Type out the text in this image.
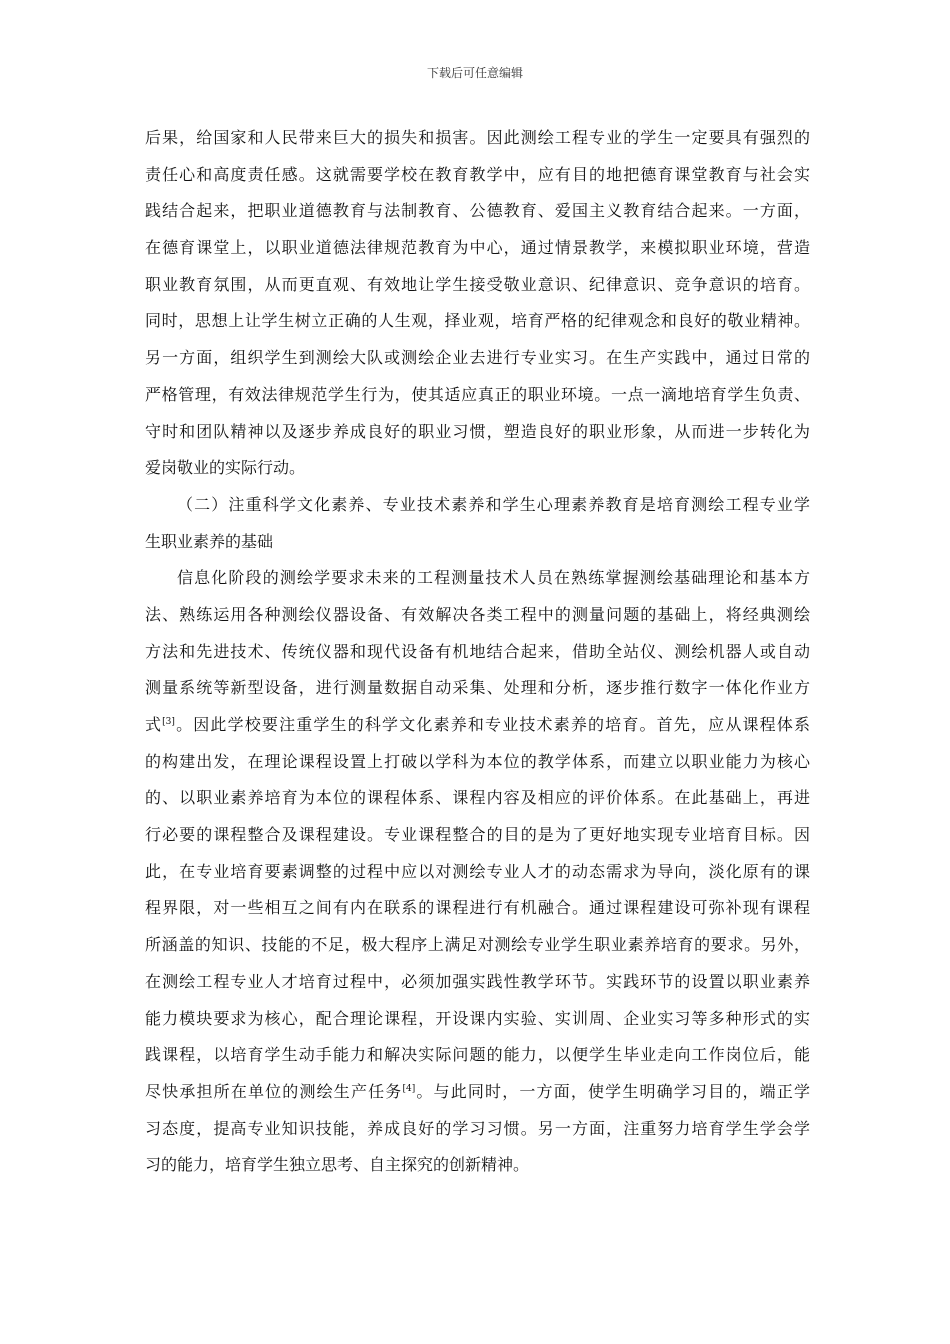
下载后可任意编辑
后果，给国家和人民带来巨大的损失和损害。因此测绘工程专业的学生一定要具有强烈的
责任心和高度责任感。这就需要学校在教育教学中，应有目的地把德育课堂教育与社会实
践结合起来，把职业道德教育与法制教育、公德教育、爱国主义教育结合起来。一方面，
在德育课堂上，以职业道德法律规范教育为中心，通过情景教学，来模拟职业环境，营造
职业教育氛围，从而更直观、有效地让学生接受敬业意识、纪律意识、竞争意识的培育。
同时，思想上让学生树立正确的人生观，择业观，培育严格的纪律观念和良好的敬业精神。
另一方面，组织学生到测绘大队或测绘企业去进行专业实习。在生产实践中，通过日常的
严格管理，有效法律规范学生行为，使其适应真正的职业环境。一点一滴地培育学生负责、
守时和团队精神以及逐步养成良好的职业习惯，塑造良好的职业形象，从而进一步转化为
爱岗敬业的实际行动。
（二）注重科学文化素养、专业技术素养和学生心理素养教育是培育测绘工程专业学
生职业素养的基础
信息化阶段的测绘学要求未来的工程测量技术人员在熟练掌握测绘基础理论和基本方
法、熟练运用各种测绘仪器设备、有效解决各类工程中的测量问题的基础上，将经典测绘
方法和先进技术、传统仪器和现代设备有机地结合起来，借助全站仪、测绘机器人或自动
测量系统等新型设备，进行测量数据自动采集、处理和分析，逐步推行数字一体化作业方
式[3]。因此学校要注重学生的科学文化素养和专业技术素养的培育。首先，应从课程体系
的构建出发，在理论课程设置上打破以学科为本位的教学体系，而建立以职业能力为核心
的、以职业素养培育为本位的课程体系、课程内容及相应的评价体系。在此基础上，再进
行必要的课程整合及课程建设。专业课程整合的目的是为了更好地实现专业培育目标。因
此，在专业培育要素调整的过程中应以对测绘专业人才的动态需求为导向，淡化原有的课
程界限，对一些相互之间有内在联系的课程进行有机融合。通过课程建设可弥补现有课程
所涵盖的知识、技能的不足，极大程序上满足对测绘专业学生职业素养培育的要求。另外，
在测绘工程专业人才培育过程中，必须加强实践性教学环节。实践环节的设置以职业素养
能力模块要求为核心，配合理论课程，开设课内实验、实训周、企业实习等多种形式的实
践课程，以培育学生动手能力和解决实际问题的能力，以便学生毕业走向工作岗位后，能
尽快承担所在单位的测绘生产任务[4]。与此同时，一方面，使学生明确学习目的，端正学
习态度，提高专业知识技能，养成良好的学习习惯。另一方面，注重努力培育学生学会学
习的能力，培育学生独立思考、自主探究的创新精神。
